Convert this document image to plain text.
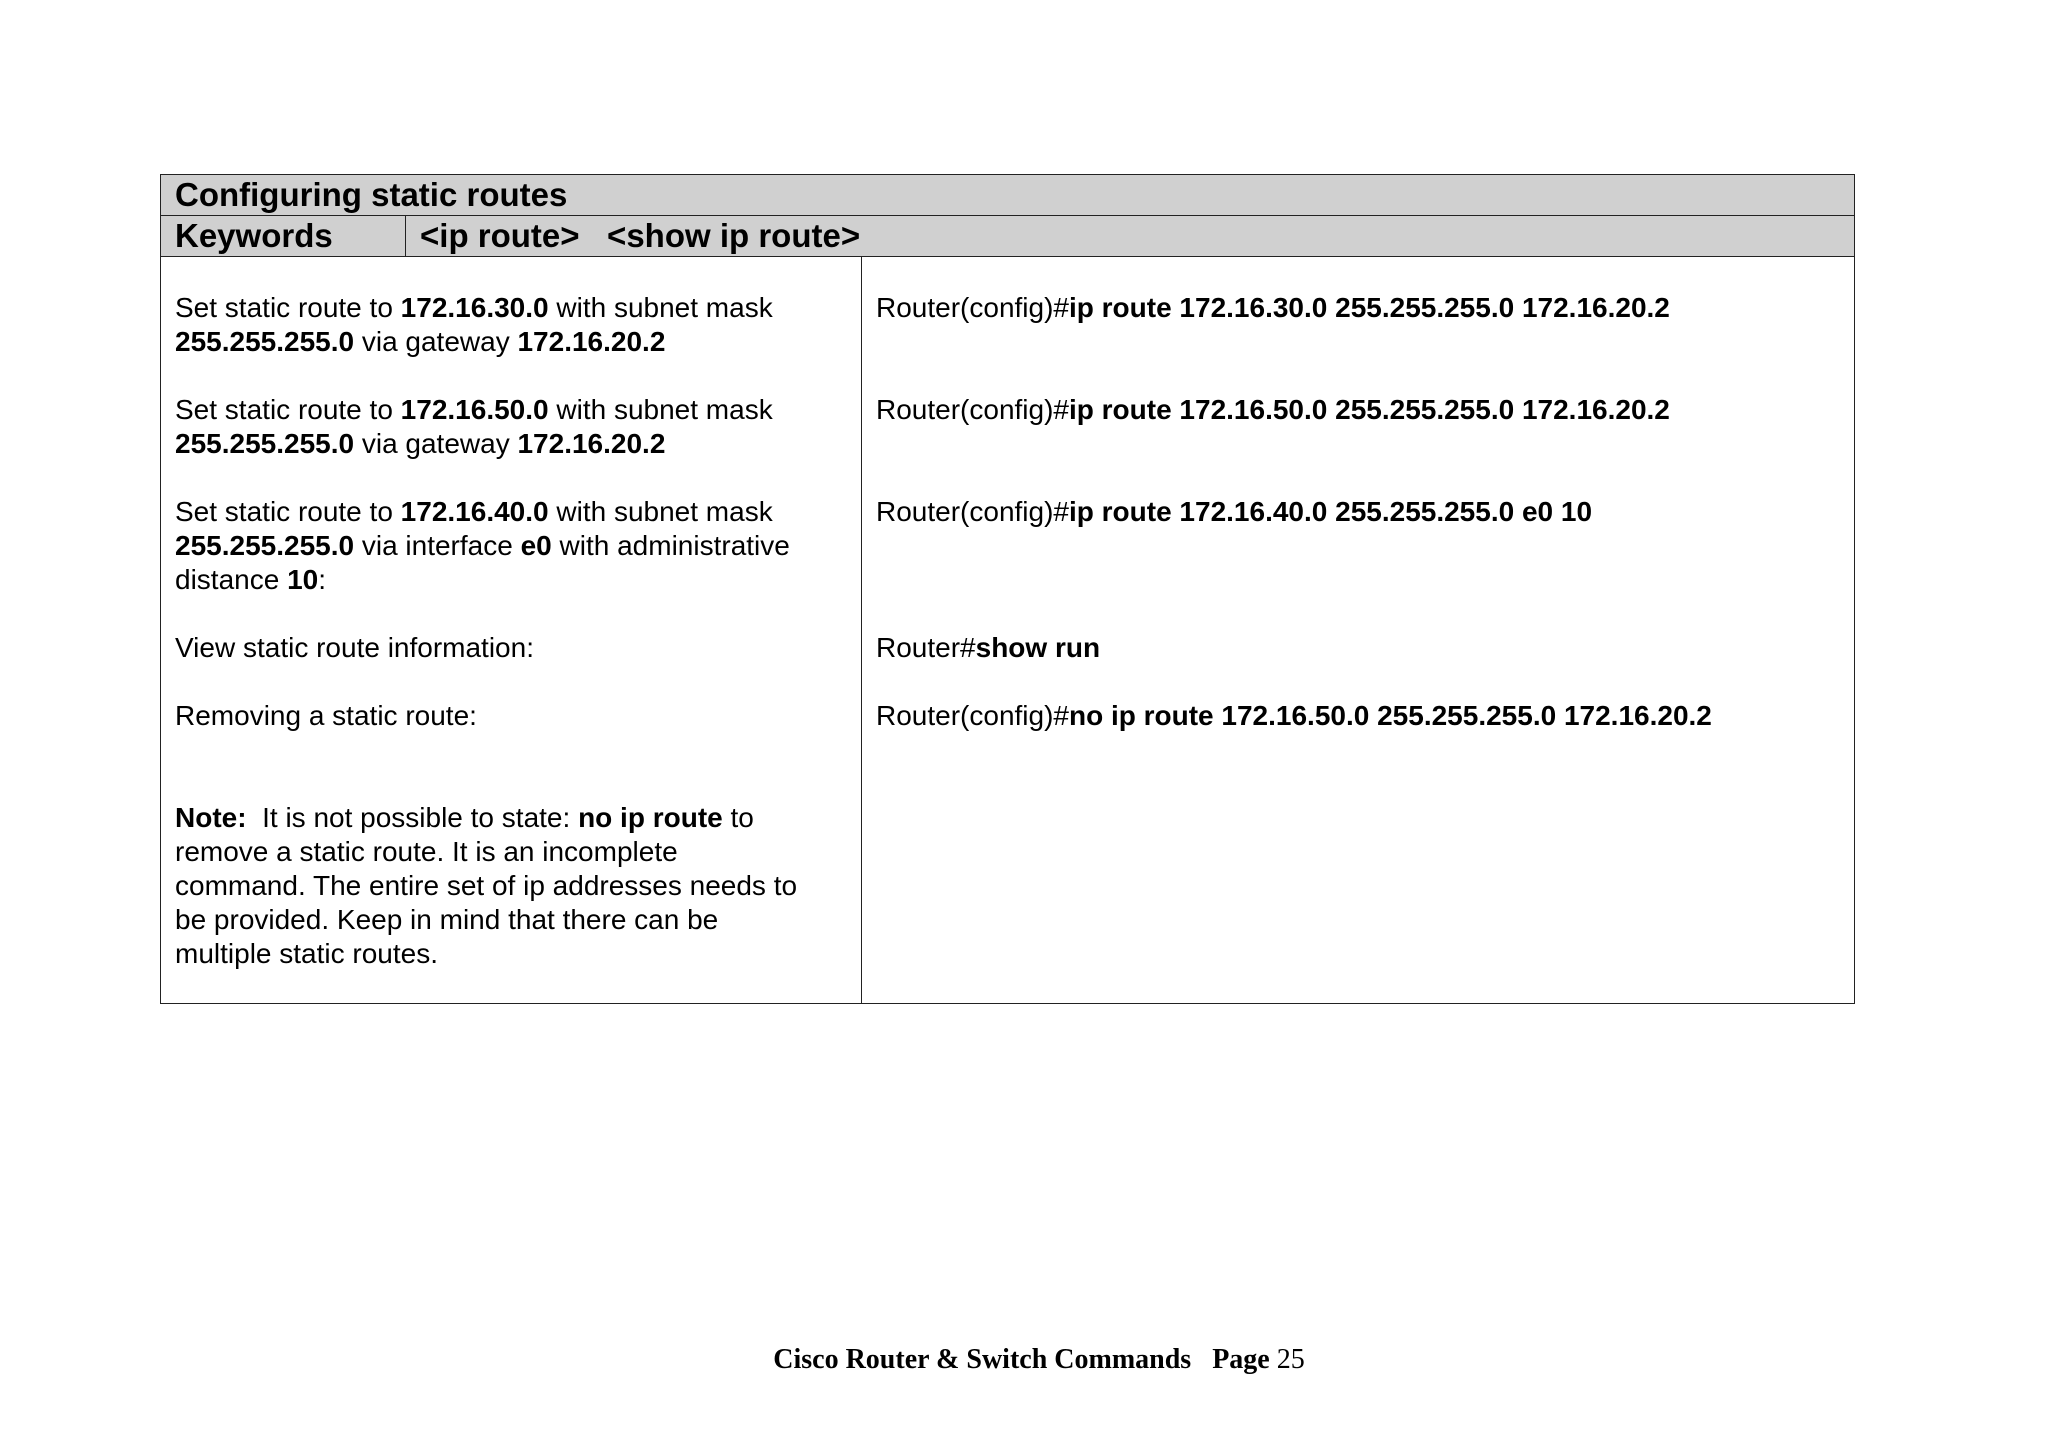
Configuring static routes
Keywords	<ip route>   <show ip route>
Set static route to 172.16.30.0 with subnet mask
255.255.255.0 via gateway 172.16.20.2
Set static route to 172.16.50.0 with subnet mask
255.255.255.0 via gateway 172.16.20.2
Set static route to 172.16.40.0 with subnet mask
255.255.255.0 via interface e0 with administrative
distance 10:
View static route information:
Removing a static route:
Note:  It is not possible to state: no ip route to
remove a static route. It is an incomplete
command. The entire set of ip addresses needs to
be provided. Keep in mind that there can be
multiple static routes.
Router(config)#ip route 172.16.30.0 255.255.255.0 172.16.20.2
Router(config)#ip route 172.16.50.0 255.255.255.0 172.16.20.2
Router(config)#ip route 172.16.40.0 255.255.255.0 e0 10
Router#show run
Router(config)#no ip route 172.16.50.0 255.255.255.0 172.16.20.2
Cisco Router & Switch Commands Page 25
